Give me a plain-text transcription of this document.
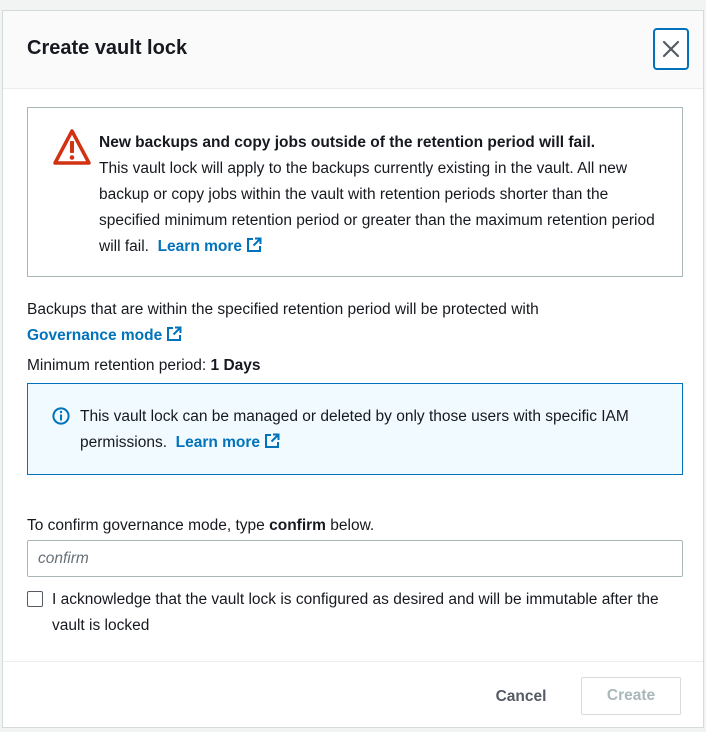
Create vault lock
New backups and copy jobs outside of the retention period will fail.
This vault lock will apply to the backups currently existing in the vault. All new backup or copy jobs within the vault with retention periods shorter than the specified minimum retention period or greater than the maximum retention period will fail. Learn more
Backups that are within the specified retention period will be protected with
Governance mode
Minimum retention period: 1 Days
This vault lock can be managed or deleted by only those users with specific IAM permissions. Learn more
To confirm governance mode, type confirm below.
confirm
I acknowledge that the vault lock is configured as desired and will be immutable after the vault is locked
Cancel	Create
